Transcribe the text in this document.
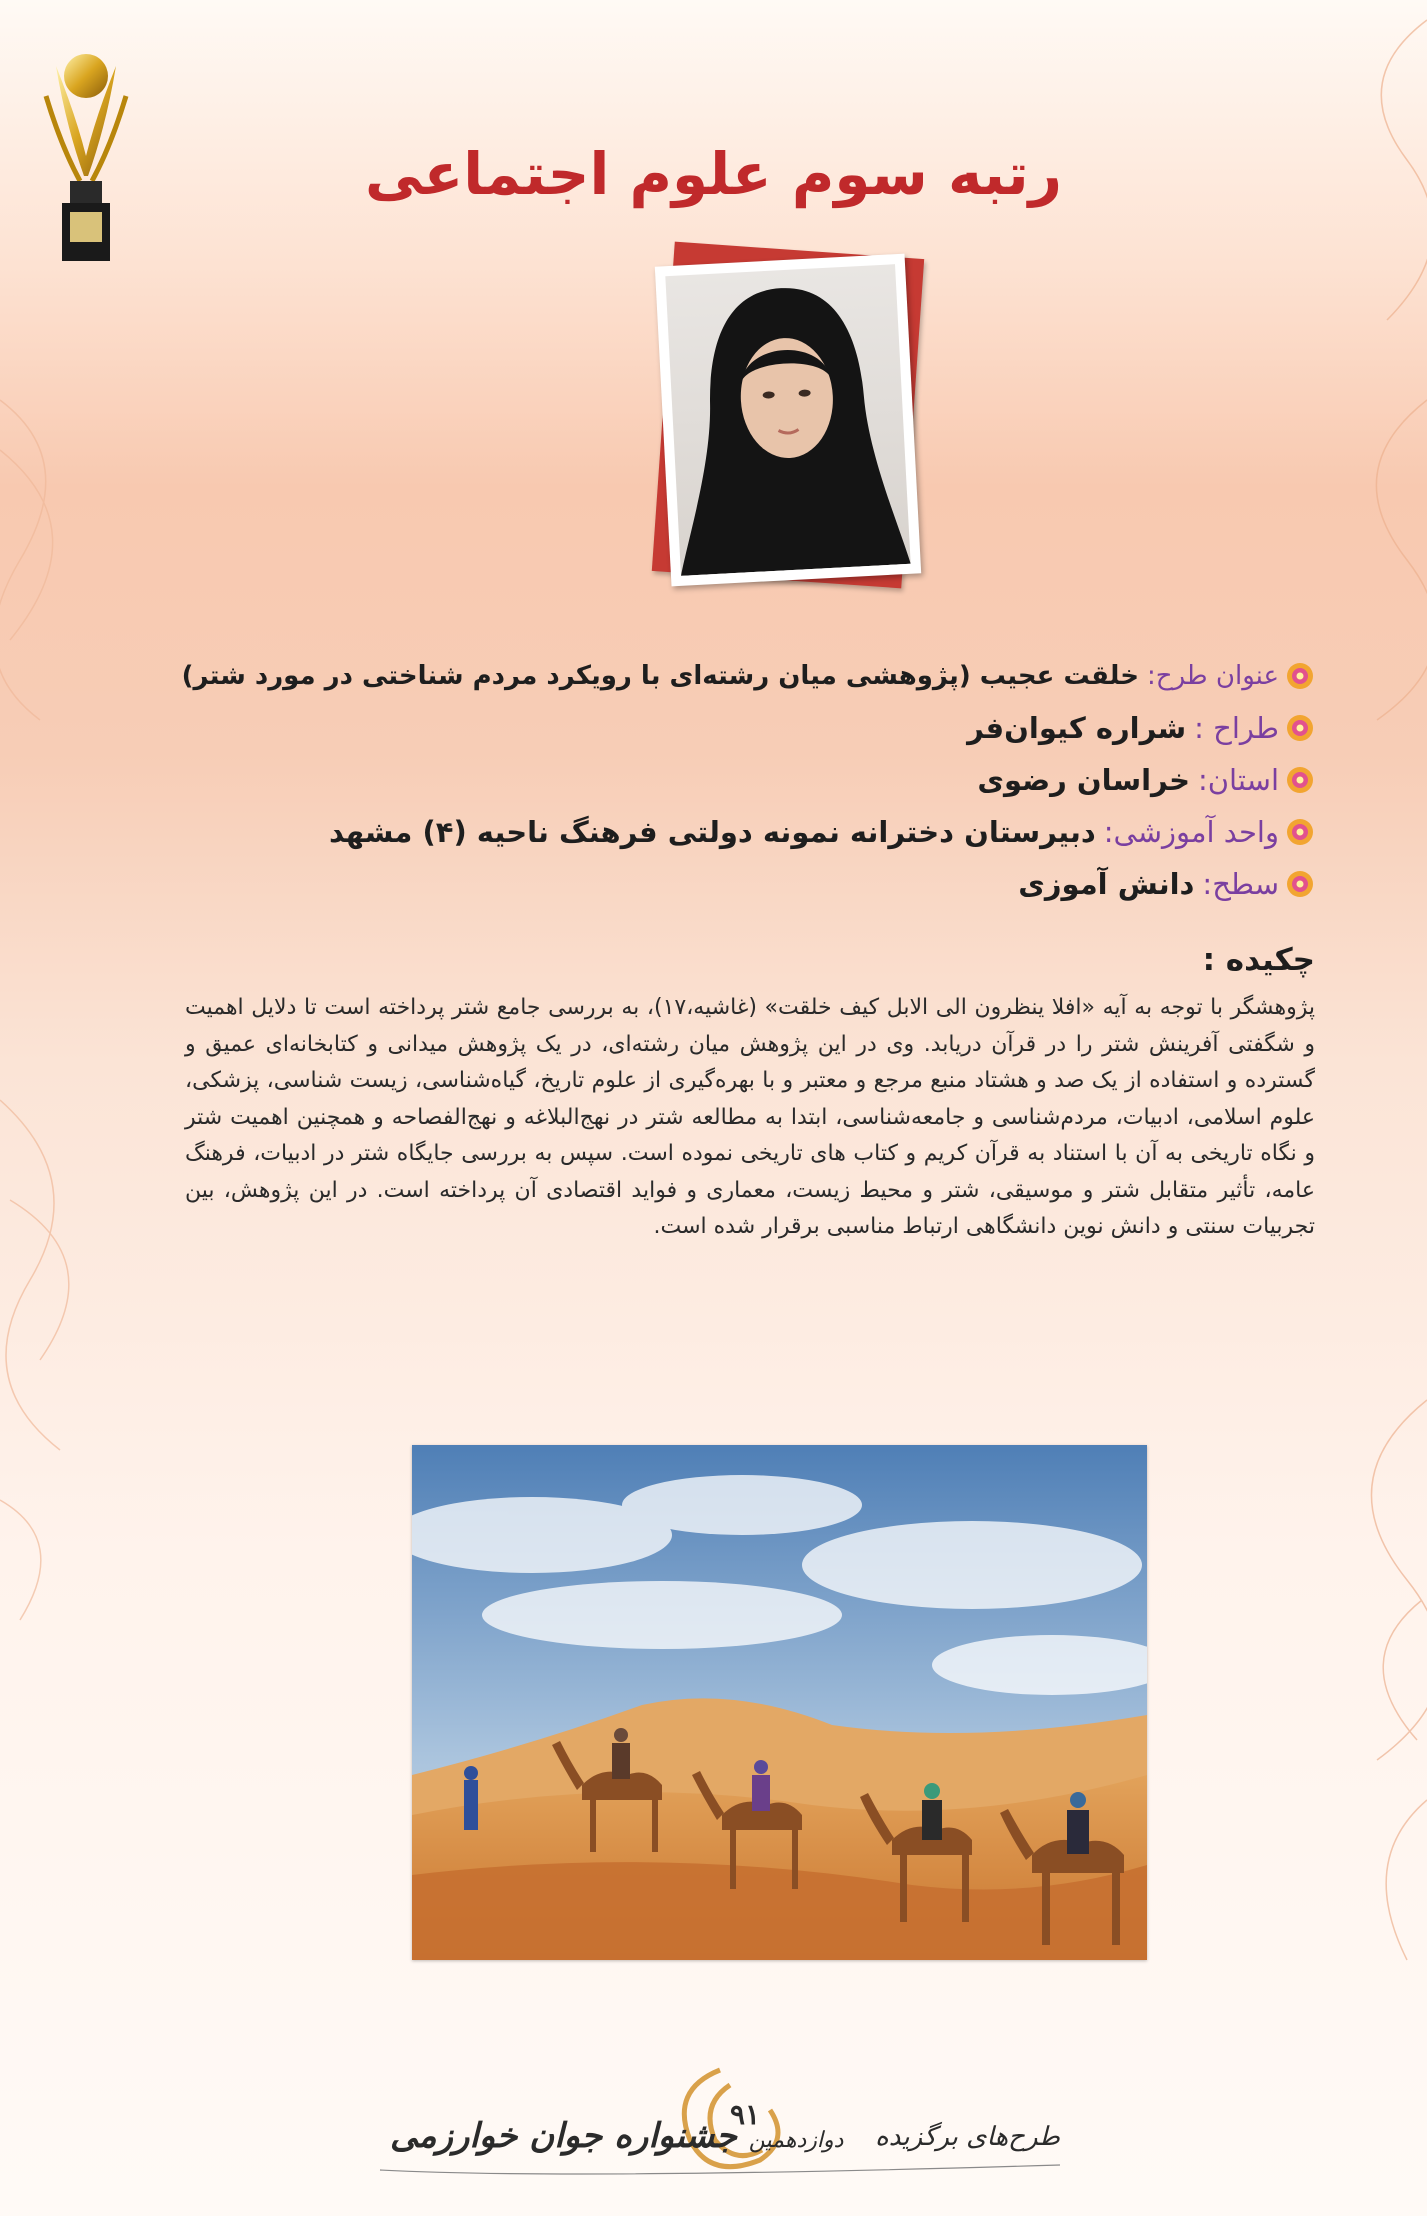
رتبه سوم علوم اجتماعی
عنوان طرح:
خلقت عجیب (پژوهشی میان رشته‌ای با رویکرد مردم شناختی در مورد شتر)
طراح :
شراره کیوان‌فر
استان:
خراسان رضوی
واحد آموزشی:
دبیرستان دخترانه نمونه دولتی فرهنگ ناحیه (۴) مشهد
سطح:
دانش آموزی
چکیده :
پژوهشگر با توجه به آیه «افلا ینظرون الی الابل کیف خلقت» (غاشیه،۱۷)، به بررسی جامع شتر پرداخته است تا دلایل اهمیت و شگفتی آفرینش شتر را در قرآن دریابد. وی در این پژوهش میان رشته‌ای، در یک پژوهش میدانی و کتابخانه‌ای عمیق و گسترده و استفاده از یک صد و هشتاد منبع مرجع و معتبر و با بهره‌گیری از علوم تاریخ، گیاه‌شناسی، زیست شناسی، پزشکی، علوم اسلامی، ادبیات، مردم‌شناسی و جامعه‌شناسی، ابتدا به مطالعه شتر در نهج‌البلاغه و نهج‌الفصاحه و همچنین اهمیت شتر و نگاه تاریخی به آن با استناد به قرآن کریم و کتاب های تاریخی نموده است. سپس به بررسی جایگاه شتر در ادبیات، فرهنگ عامه، تأثیر متقابل شتر و موسیقی، شتر و محیط زیست، معماری و فواید اقتصادی آن پرداخته است. در این پژوهش، بین تجربیات سنتی و دانش نوین دانشگاهی ارتباط مناسبی برقرار شده است.
۹۱
طرح‌های برگزیده
دوازدهمین جشنواره جوان خوارزمی
